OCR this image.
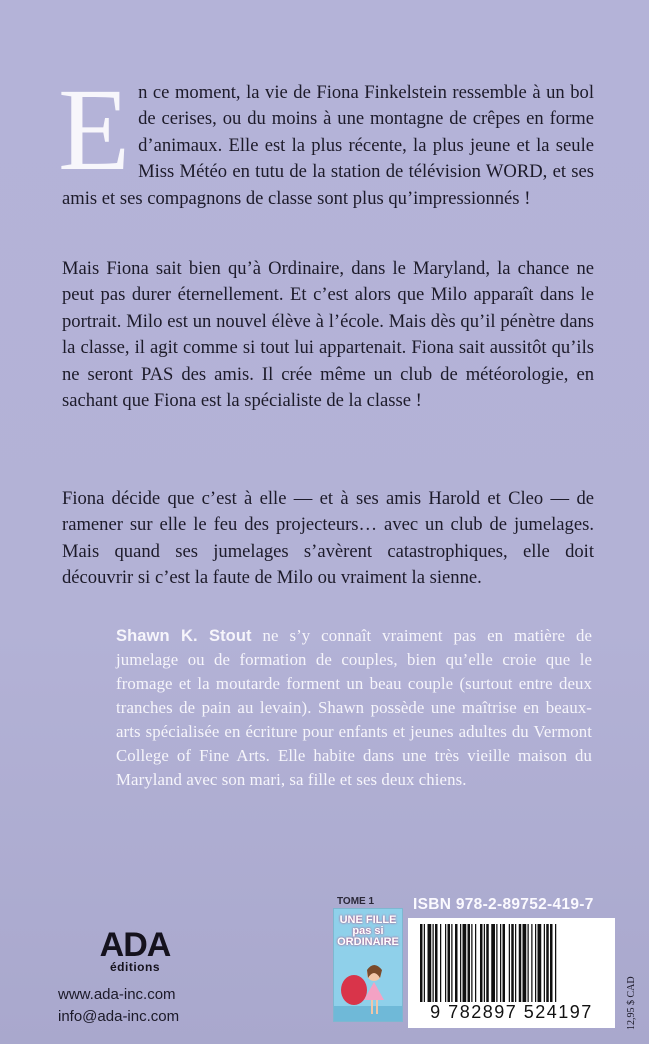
En ce moment, la vie de Fiona Finkelstein ressemble à un bol de cerises, ou du moins à une montagne de crêpes en forme d’animaux. Elle est la plus récente, la plus jeune et la seule Miss Météo en tutu de la station de télévision WORD, et ses amis et ses compagnons de classe sont plus qu’impressionnés !

Mais Fiona sait bien qu’à Ordinaire, dans le Maryland, la chance ne peut pas durer éternellement. Et c’est alors que Milo apparaît dans le portrait. Milo est un nouvel élève à l’école. Mais dès qu’il pénètre dans la classe, il agit comme si tout lui appartenait. Fiona sait aussitôt qu’ils ne seront PAS des amis. Il crée même un club de météorologie, en sachant que Fiona est la spécialiste de la classe !

Fiona décide que c’est à elle — et à ses amis Harold et Cleo — de ramener sur elle le feu des projecteurs… avec un club de jumelages. Mais quand ses jumelages s’avèrent catastrophiques, elle doit découvrir si c’est la faute de Milo ou vraiment la sienne.

Shawn K. Stout ne s’y connaît vraiment pas en matière de jumelage ou de formation de couples, bien qu’elle croie que le fromage et la moutarde forment un beau couple (surtout entre deux tranches de pain au levain). Shawn possède une maîtrise en beaux-arts spécialisée en écriture pour enfants et jeunes adultes du Vermont College of Fine Arts. Elle habite dans une très vieille maison du Maryland avec son mari, sa fille et ses deux chiens.

ADA
éditions
www.ada-inc.com
info@ada-inc.com
TOME 1
UNE FILLE pas si ORDINAIRE
ISBN 978-2-89752-419-7
9 782897 524197	12,95 $ CAD
